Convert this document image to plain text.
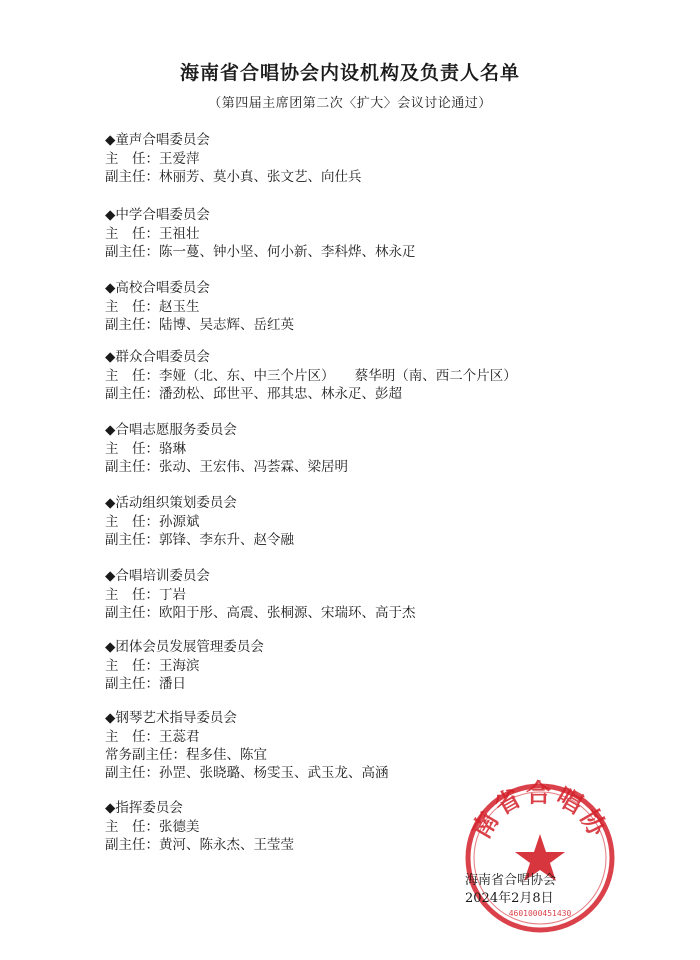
海南省合唱协会内设机构及负责人名单
（第四届主席团第二次〈扩大〉会议讨论通过）
◆童声合唱委员会
主　任：王爱萍
副主任：林丽芳、莫小真、张文艺、向仕兵
◆中学合唱委员会
主　任：王祖壮
副主任：陈一蔓、钟小坚、何小新、李科烨、林永疋
◆高校合唱委员会
主　任：赵玉生
副主任：陆博、吴志辉、岳红英
◆群众合唱委员会
主　任：李娅（北、东、中三个片区）　　蔡华明（南、西二个片区）
副主任：潘劲松、邱世平、邢其忠、林永疋、彭超
◆合唱志愿服务委员会
主　任：骆琳
副主任：张动、王宏伟、冯荟霖、梁居明
◆活动组织策划委员会
主　任：孙源斌
副主任：郭锋、李东升、赵令融
◆合唱培训委员会
主　任：丁岩
副主任：欧阳于彤、高震、张桐源、宋瑞环、高于杰
◆团体会员发展管理委员会
主　任：王海滨
副主任：潘日
◆钢琴艺术指导委员会
主　任：王蕊君
常务副主任：程多佳、陈宜
副主任：孙罡、张晓璐、杨雯玉、武玉龙、高涵
◆指挥委员会
主　任：张德美
副主任：黄河、陈永杰、王莹莹
南省合唱协
4601000451430
海南省合唱协会
2024年2月8日
